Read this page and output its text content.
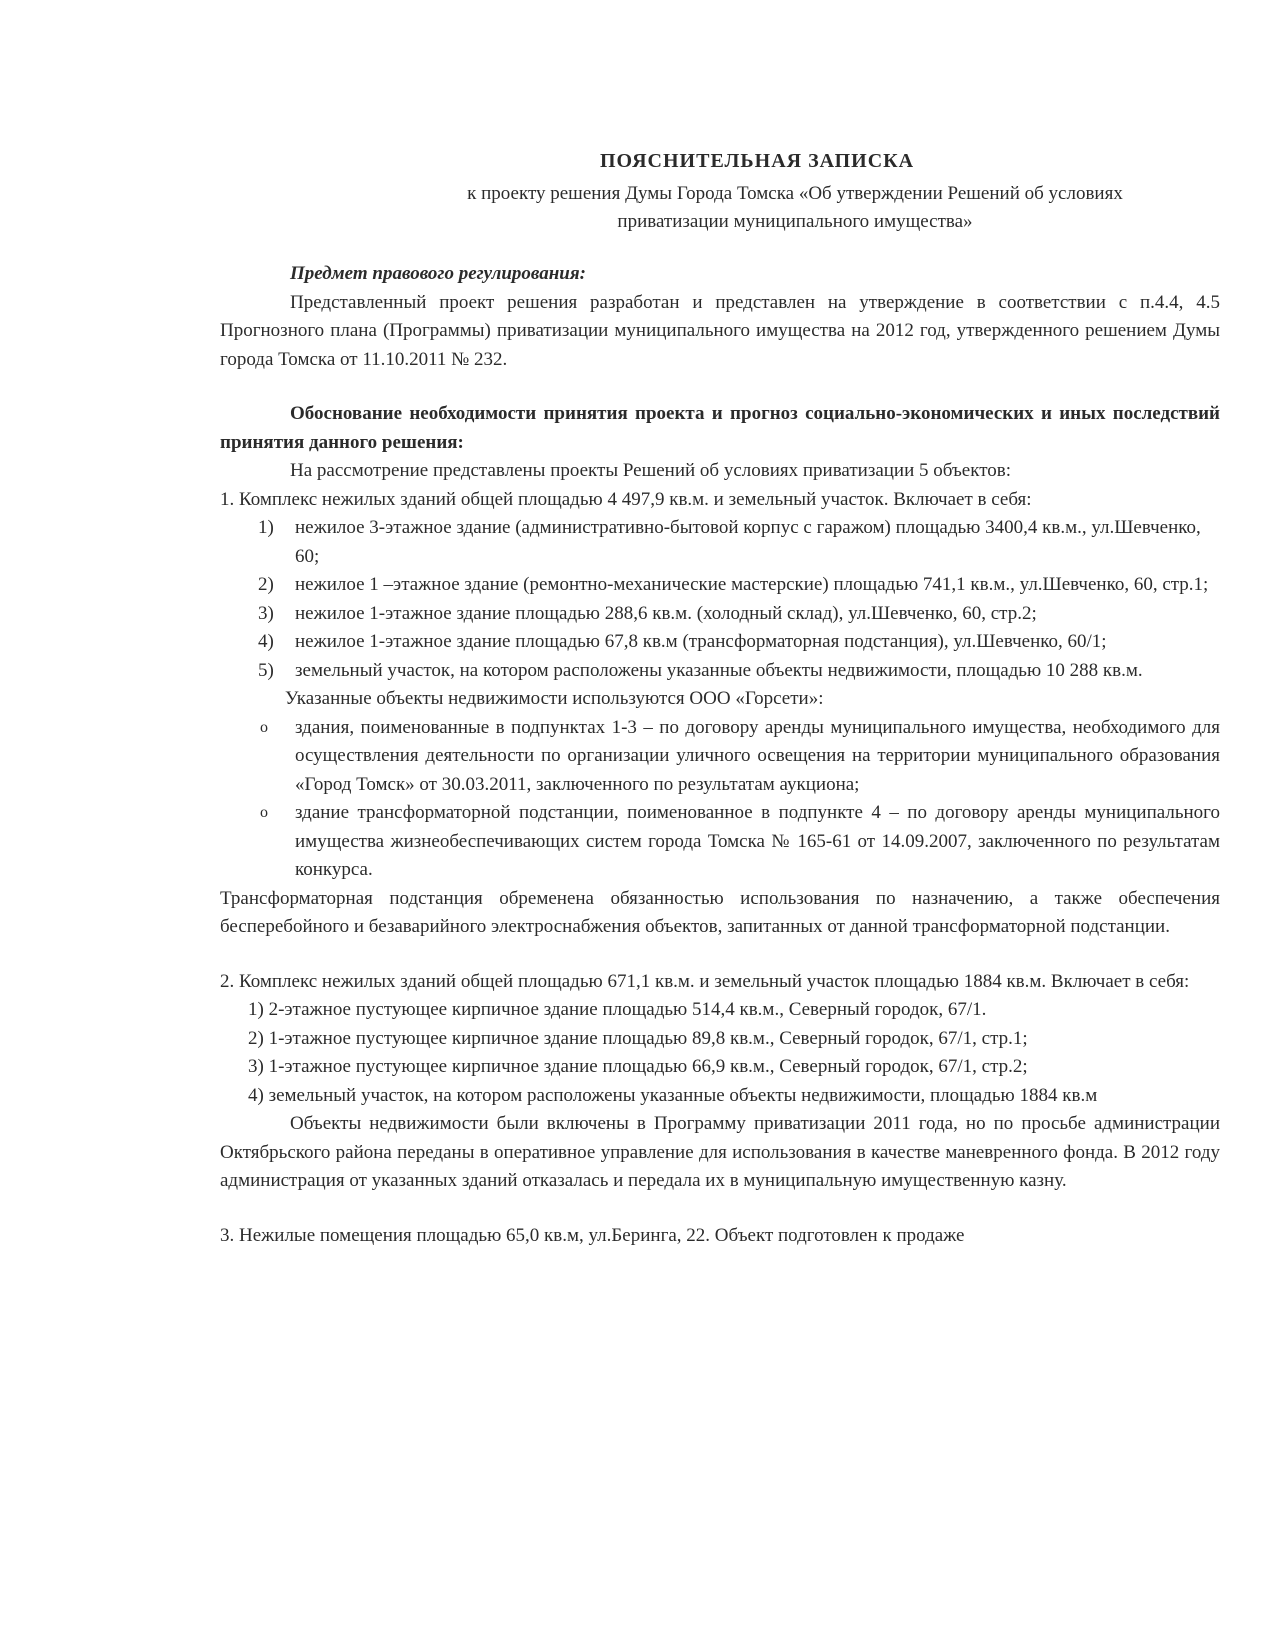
ПОЯСНИТЕЛЬНАЯ ЗАПИСКА
к проекту решения Думы Города Томска «Об утверждении Решений об условиях
приватизации муниципального имущества»

Предмет правового регулирования:

Представленный проект решения разработан и представлен на утверждение в соответствии с п.4.4, 4.5 Прогнозного плана (Программы) приватизации муниципального имущества на 2012 год, утвержденного решением Думы города Томска от 11.10.2011 № 232.

Обоснование необходимости принятия проекта и прогноз социально-экономических и иных последствий принятия данного решения:

На рассмотрение представлены проекты Решений об условиях приватизации 5 объектов:

1. Комплекс нежилых зданий общей площадью 4 497,9 кв.м. и земельный участок. Включает в себя:

1) нежилое 3-этажное здание (административно-бытовой корпус с гаражом) площадью 3400,4 кв.м., ул.Шевченко, 60;
2) нежилое 1 –этажное здание (ремонтно-механические мастерские) площадью 741,1 кв.м., ул.Шевченко, 60, стр.1;
3) нежилое 1-этажное здание площадью 288,6 кв.м. (холодный склад), ул.Шевченко, 60, стр.2;
4) нежилое 1-этажное здание площадью 67,8 кв.м (трансформаторная подстанция), ул.Шевченко, 60/1;
5) земельный участок, на котором расположены указанные объекты недвижимости, площадью 10 288 кв.м.

Указанные объекты недвижимости используются ООО «Горсети»:

o здания, поименованные в подпунктах 1-3 – по договору аренды муниципального имущества, необходимого для осуществления деятельности по организации уличного освещения на территории муниципального образования «Город Томск» от 30.03.2011, заключенного по результатам аукциона;
o здание трансформаторной подстанции, поименованное в подпункте 4 – по договору аренды муниципального имущества жизнеобеспечивающих систем города Томска № 165-61 от 14.09.2007, заключенного по результатам конкурса.

Трансформаторная подстанция обременена обязанностью использования по назначению, а также обеспечения бесперебойного и безаварийного электроснабжения объектов, запитанных от данной трансформаторной подстанции.

2. Комплекс нежилых зданий общей площадью 671,1 кв.м. и земельный участок площадью 1884 кв.м. Включает в себя:

1) 2-этажное пустующее кирпичное здание площадью 514,4 кв.м., Северный городок, 67/1.

2) 1-этажное пустующее кирпичное здание площадью 89,8 кв.м., Северный городок, 67/1, стр.1;

3) 1-этажное пустующее кирпичное здание площадью 66,9 кв.м., Северный городок, 67/1, стр.2;

4) земельный участок, на котором расположены указанные объекты недвижимости, площадью 1884 кв.м

Объекты недвижимости были включены в Программу приватизации 2011 года, но по просьбе администрации Октябрьского района переданы в оперативное управление для использования в качестве маневренного фонда. В 2012 году администрация от указанных зданий отказалась и передала их в муниципальную имущественную казну.

3. Нежилые помещения площадью 65,0 кв.м, ул.Беринга, 22. Объект подготовлен к продаже
